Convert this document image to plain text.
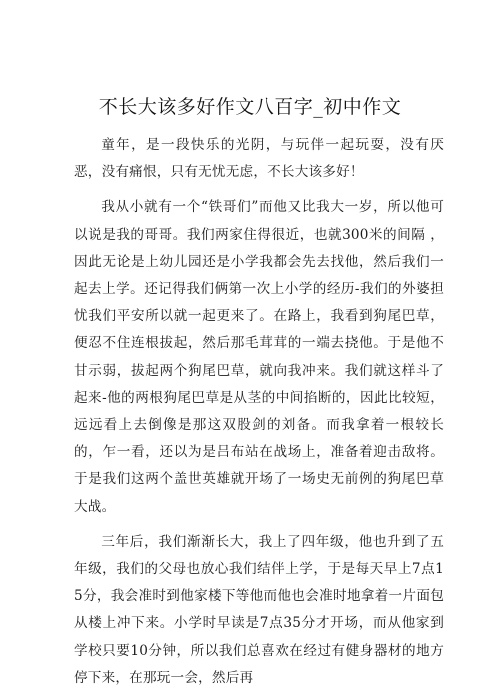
不长大该多好作文八百字_初中作文

童年，是一段快乐的光阴，与玩伴一起玩耍，没有厌恶，没有痛恨，只有无忧无虑，不长大该多好！

我从小就有一个“铁哥们”而他又比我大一岁，所以他可以说是我的哥哥。我们两家住得很近，也就300米的间隔 ，因此无论是上幼儿园还是小学我都会先去找他，然后我们一起去上学。还记得我们俩第一次上小学的经历-我们的外婆担忧我们平安所以就一起更来了。在路上，我看到狗尾巴草，便忍不住连根拔起，然后那毛茸茸的一端去挠他。于是他不甘示弱，拔起两个狗尾巴草，就向我冲来。我们就这样斗了起来-他的两根狗尾巴草是从茎的中间掐断的，因此比较短，远远看上去倒像是那这双股剑的刘备。而我拿着一根较长的，乍一看，还以为是吕布站在战场上，准备着迎击敌将。于是我们这两个盖世英雄就开场了一场史无前例的狗尾巴草大战。

三年后，我们渐渐长大，我上了四年级，他也升到了五年级，我们的父母也放心我们结伴上学，于是每天早上7点15分，我会准时到他家楼下等他而他也会准时地拿着一片面包从楼上冲下来。小学时早读是7点35分才开场，而从他家到学校只要10分钟，所以我们总喜欢在经过有健身器材的地方停下来，在那玩一会，然后再
